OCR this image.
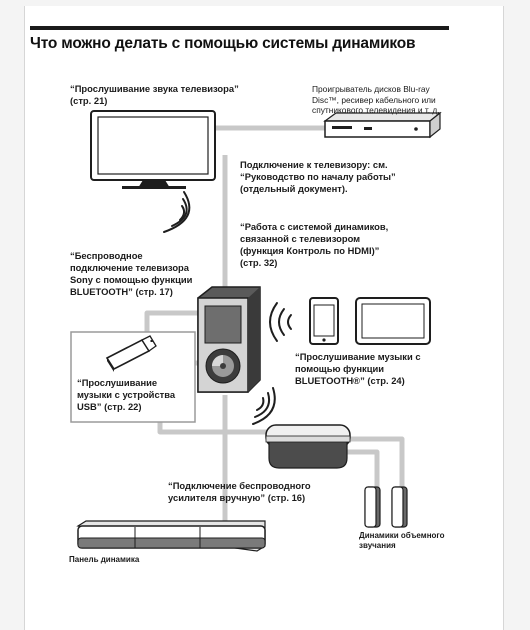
Что можно делать с помощью системы динамиков
“Прослушивание звука телевизора”
(стр. 21)
Проигрыватель дисков Blu-ray
Disc™, ресивер кабельного или
спутникового телевидения и т. д.
Подключение к телевизору: см.
“Руководство по началу работы”
(отдельный документ).
“Работа с системой динамиков,
связанной с телевизором
(функция Контроль по HDMI)”
(стр. 32)
“Беспроводное
подключение телевизора
Sony с помощью функции
BLUETOOTH” (стр. 17)
“Прослушивание музыки с
помощью функции
BLUETOOTH®” (стр. 24)
“Прослушивание
музыки с устройства
USB” (стр. 22)
“Подключение беспроводного
усилителя вручную” (стр. 16)
Динамики объемного
звучания
Панель динамика
